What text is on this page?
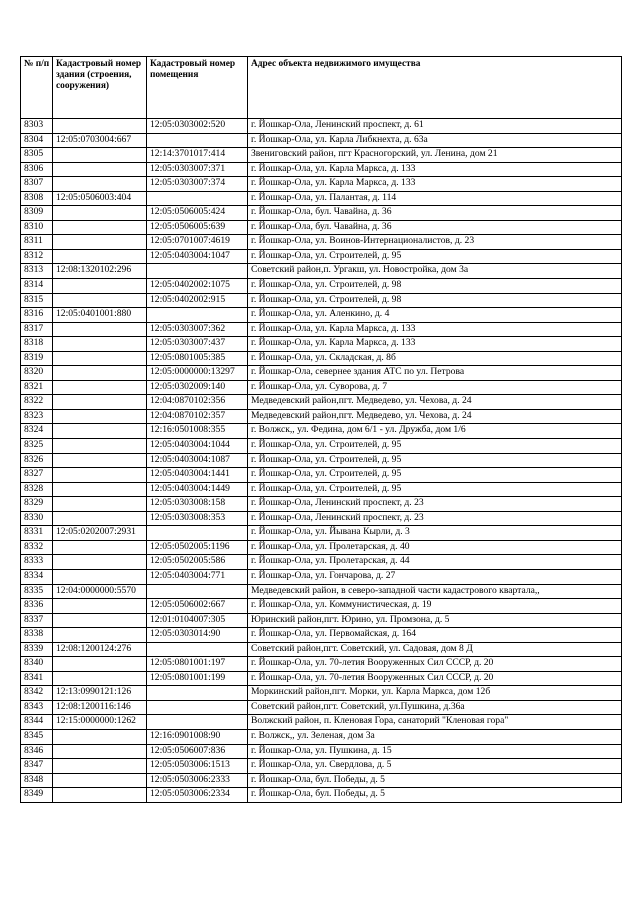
№ п/п	Кадастровый номер здания (строения, сооружения)	Кадастровый номер помещения	Адрес объекта недвижимого имущества
8303		12:05:0303002:520	г. Йошкар-Ола, Ленинский проспект, д. 61
8304	12:05:0703004:667		г. Йошкар-Ола, ул. Карла Либкнехта, д. 63а
8305		12:14:3701017:414	Звениговский район, пгт Красногорский, ул. Ленина, дом 21
8306		12:05:0303007:371	г. Йошкар-Ола, ул. Карла Маркса, д. 133
8307		12:05:0303007:374	г. Йошкар-Ола, ул. Карла Маркса, д. 133
8308	12:05:0506003:404		г. Йошкар-Ола, ул. Палантая, д. 114
8309		12:05:0506005:424	г. Йошкар-Ола, бул. Чавайна, д. 36
8310		12:05:0506005:639	г. Йошкар-Ола, бул. Чавайна, д. 36
8311		12:05:0701007:4619	г. Йошкар-Ола, ул. Воинов-Интернационалистов, д. 23
8312		12:05:0403004:1047	г. Йошкар-Ола, ул. Строителей, д. 95
8313	12:08:1320102:296		Советский район,п. Ургакш, ул. Новостройка, дом 3а
8314		12:05:0402002:1075	г. Йошкар-Ола, ул. Строителей, д. 98
8315		12:05:0402002:915	г. Йошкар-Ола, ул. Строителей, д. 98
8316	12:05:0401001:880		г. Йошкар-Ола, ул. Аленкино, д. 4
8317		12:05:0303007:362	г. Йошкар-Ола, ул. Карла Маркса, д. 133
8318		12:05:0303007:437	г. Йошкар-Ола, ул. Карла Маркса, д. 133
8319		12:05:0801005:385	г. Йошкар-Ола, ул. Складская, д. 8б
8320		12:05:0000000:13297	г. Йошкар-Ола, севернее здания АТС по ул. Петрова
8321		12:05:0302009:140	г. Йошкар-Ола, ул. Суворова, д. 7
8322		12:04:0870102:356	Медведевский район,пгт. Медведево, ул. Чехова, д. 24
8323		12:04:0870102:357	Медведевский район,пгт. Медведево, ул. Чехова, д. 24
8324		12:16:0501008:355	г. Волжск,, ул. Федина, дом 6/1 - ул. Дружба, дом 1/6
8325		12:05:0403004:1044	г. Йошкар-Ола, ул. Строителей, д. 95
8326		12:05:0403004:1087	г. Йошкар-Ола, ул. Строителей, д. 95
8327		12:05:0403004:1441	г. Йошкар-Ола, ул. Строителей, д. 95
8328		12:05:0403004:1449	г. Йошкар-Ола, ул. Строителей, д. 95
8329		12:05:0303008:158	г. Йошкар-Ола, Ленинский проспект, д. 23
8330		12:05:0303008:353	г. Йошкар-Ола, Ленинский проспект, д. 23
8331	12:05:0202007:2931		г. Йошкар-Ола, ул. Йывана Кырли, д. 3
8332		12:05:0502005:1196	г. Йошкар-Ола, ул. Пролетарская, д. 40
8333		12:05:0502005:586	г. Йошкар-Ола, ул. Пролетарская, д. 44
8334		12:05:0403004:771	г. Йошкар-Ола, ул. Гончарова, д. 27
8335	12:04:0000000:5570		Медведевский район, в северо-западной части кадастрового квартала,,
8336		12:05:0506002:667	г. Йошкар-Ола, ул. Коммунистическая, д. 19
8337		12:01:0104007:305	Юринский район,пгт. Юрино, ул. Промзона, д. 5
8338		12:05:0303014:90	г. Йошкар-Ола, ул. Первомайская, д. 164
8339	12:08:1200124:276		Советский район,пгт. Советский, ул. Садовая, дом 8 Д
8340		12:05:0801001:197	г. Йошкар-Ола, ул. 70-летия Вооруженных Сил СССР, д. 20
8341		12:05:0801001:199	г. Йошкар-Ола, ул. 70-летия Вооруженных Сил СССР, д. 20
8342	12:13:0990121:126		Моркинский район,пгт. Морки, ул. Карла Маркса, дом 12б
8343	12:08:1200116:146		Советский район,пгт. Советский, ул.Пушкина, д.36а
8344	12:15:0000000:1262		Волжский район, п. Кленовая Гора, санаторий "Кленовая гора"
8345		12:16:0901008:90	г. Волжск,, ул. Зеленая, дом 3а
8346		12:05:0506007:836	г. Йошкар-Ола, ул. Пушкина, д. 15
8347		12:05:0503006:1513	г. Йошкар-Ола, ул. Свердлова, д. 5
8348		12:05:0503006:2333	г. Йошкар-Ола, бул. Победы, д. 5
8349		12:05:0503006:2334	г. Йошкар-Ола, бул. Победы, д. 5
